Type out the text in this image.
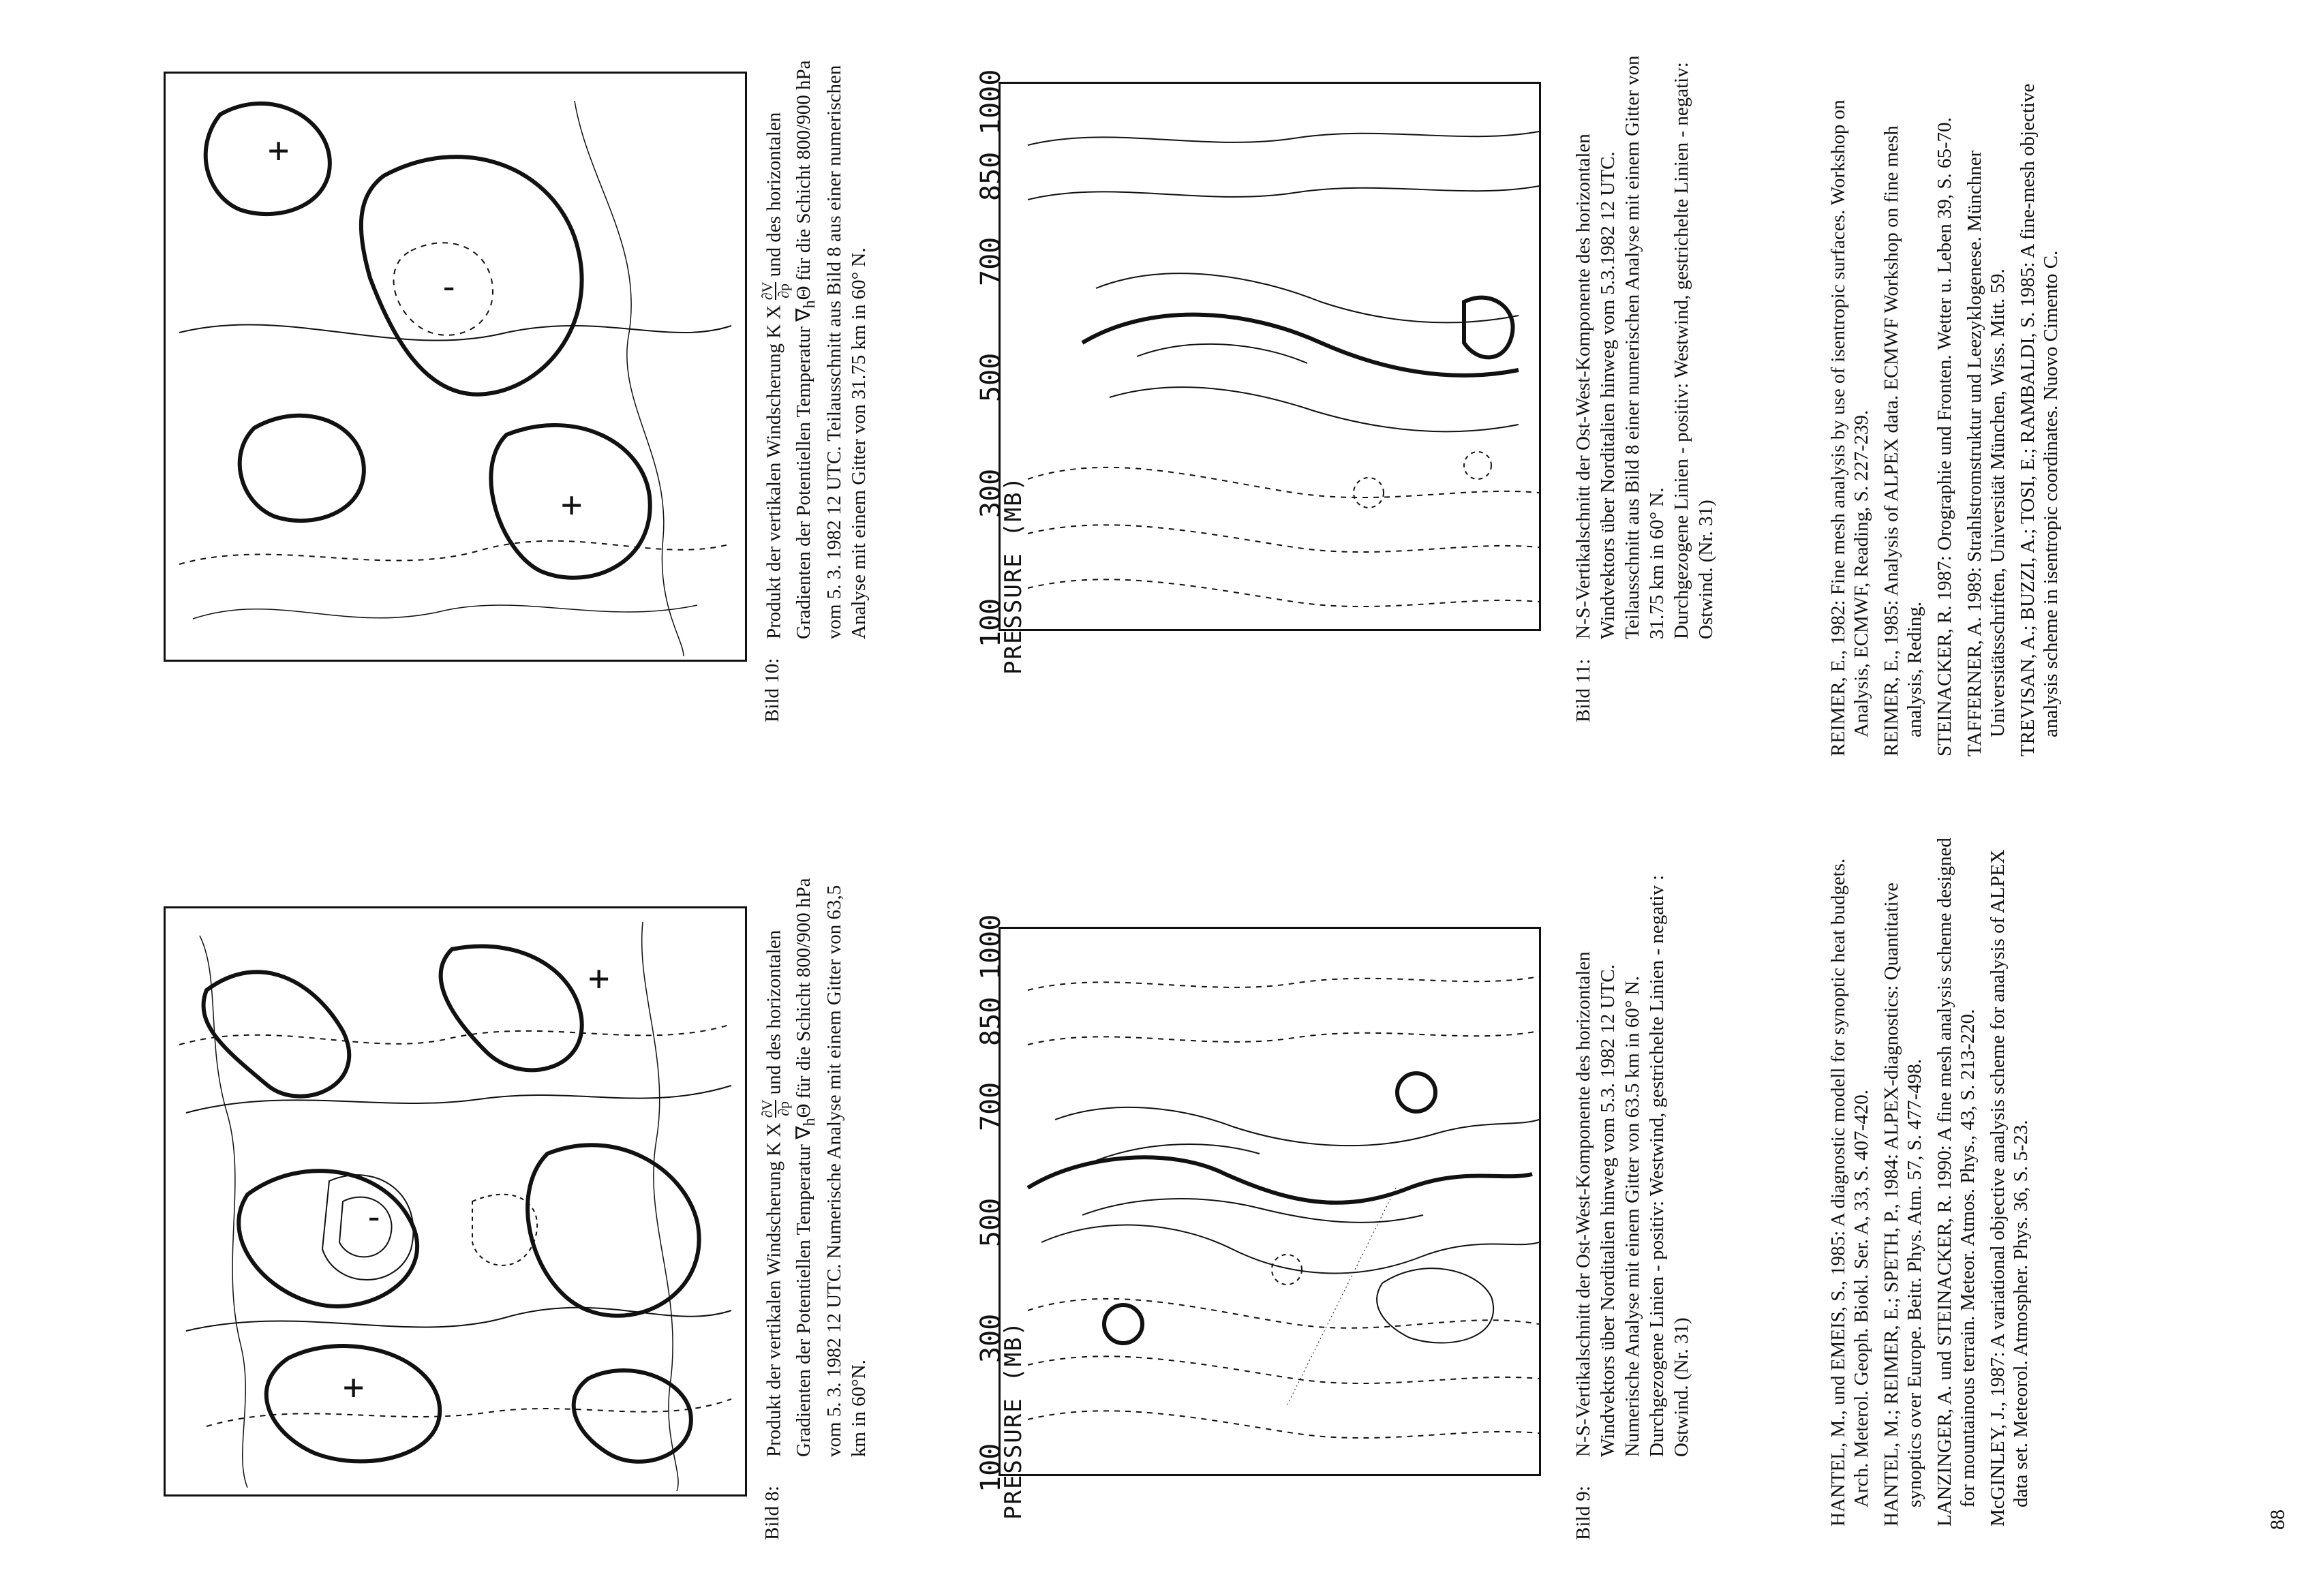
+
-
+
+
-
+
PRESSURE (MB)
100
300
500
700
850
1000
PRESSURE (MB)
100
300
500
700
850
1000
Bild 8:Produkt der vertikalen Windscherung K X
∂V ∂p
und des horizontalen Gradienten der Potentiellen Temperatur $\nabla_h\Theta$ für die Schicht 800/900 hPa vom 5. 3. 1982 12 UTC. Numerische Analyse mit einem Gitter von 63,5 km in 60°N.
Bild 10:Produkt der vertikalen Windscherung K X
∂V ∂p
und des horizontalen Gradienten der Potentiellen Temperatur $\nabla_h\Theta$ für die Schicht 800/900 hPa vom 5. 3. 1982 12 UTC. Teilausschnitt aus Bild 8 aus einer numerischen Analyse mit einem Gitter von 31.75 km in 60° N.
Bild 9:N-S-Vertikalschnitt der Ost-West-Komponente des horizontalen Windvektors über Norditalien hinweg vom 5.3. 1982 12 UTC. Numerische Analyse mit einem Gitter von 63.5 km in 60° N. Durchgezogene Linien - positiv: Westwind, gestrichelte Linien - negativ : Ostwind. (Nr. 31)
Bild 11:N-S-Vertikalschnitt der Ost-West-Komponente des horizontalen Windvektors über Norditalien hinweg vom 5.3.1982 12 UTC. Teilausschnitt aus Bild 8 einer numerischen Analyse mit einem Gitter von 31.75 km in 60° N. Durchgezogene Linien - positiv: Westwind, gestrichelte Linien - negativ: Ostwind. (Nr. 31)

HANTEL, M., und EMEIS, S., 1985: A diagnostic modell for synoptic heat budgets. Arch. Meterol. Geoph. Biokl. Ser. A, 33, S. 407-420. HANTEL, M.; REIMER, E.; SPETH, P., 1984: ALPEX-diagnostics: Quantitative synoptics over Europe. Beitr. Phys. Atm. 57, S. 477-498. LANZINGER, A. und STEINACKER, R. 1990: A fine mesh analysis scheme designed for mountainous terrain. Meteor. Atmos. Phys., 43, S. 213-220. McGINLEY, J., 1987: A variational objective analysis scheme for analysis of ALPEX data set. Meteorol. Atmospher. Phys. 36, S. 5-23.

REIMER, E., 1982: Fine mesh analysis by use of isentropic surfaces. Workshop on Analysis, ECMWF, Reading, S. 227-239. REIMER, E., 1985: Analysis of ALPEX data. ECMWF Workshop on fine mesh analysis, Reding. STEINACKER, R. 1987: Orographie und Fronten. Wetter u. Leben 39, S. 65-70. TAFFERNER, A. 1989: Strahlstromstruktur und Leezyklogenese. Münchner Universitätsschriften, Universität München, Wiss. Mitt. 59. TREVISAN, A.; BUZZI, A.; TOSI, E.; RAMBALDI, S. 1985: A fine-mesh objective analysis scheme in isentropic coordinates. Nuovo Cimento C.

88
